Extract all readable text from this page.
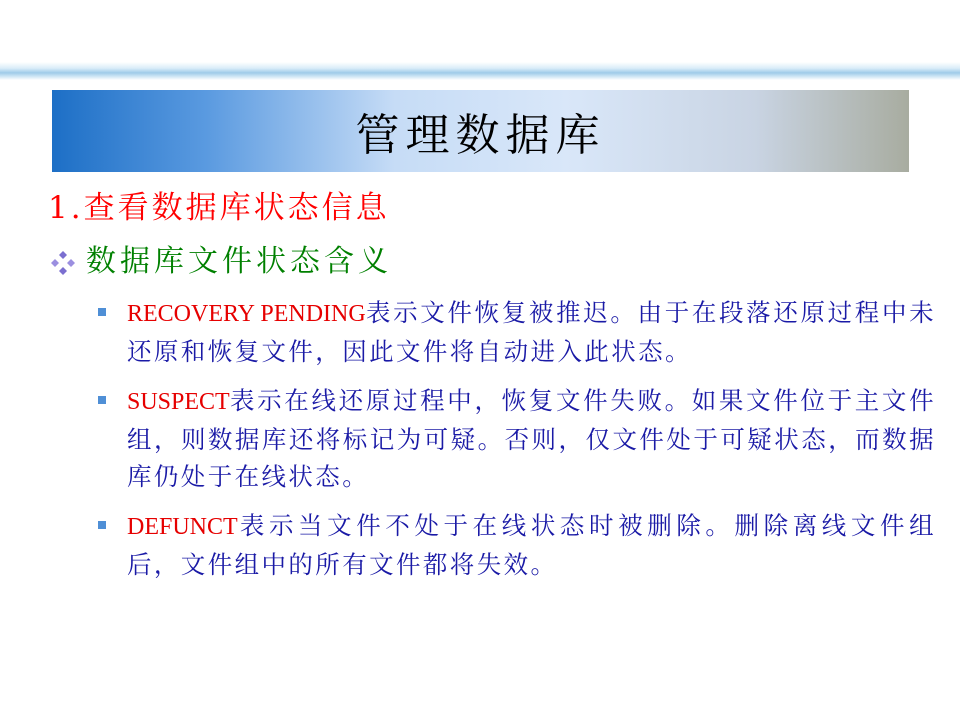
管理数据库
1.查看数据库状态信息
数据库文件状态含义
RECOVERY PENDING表示文件恢复被推迟。由于在段落还原过程中未还原和恢复文件，因此文件将自动进入此状态。
SUSPECT表示在线还原过程中，恢复文件失败。如果文件位于主文件组，则数据库还将标记为可疑。否则，仅文件处于可疑状态，而数据库仍处于在线状态。
DEFUNCT表示当文件不处于在线状态时被删除。删除离线文件组后，文件组中的所有文件都将失效。
